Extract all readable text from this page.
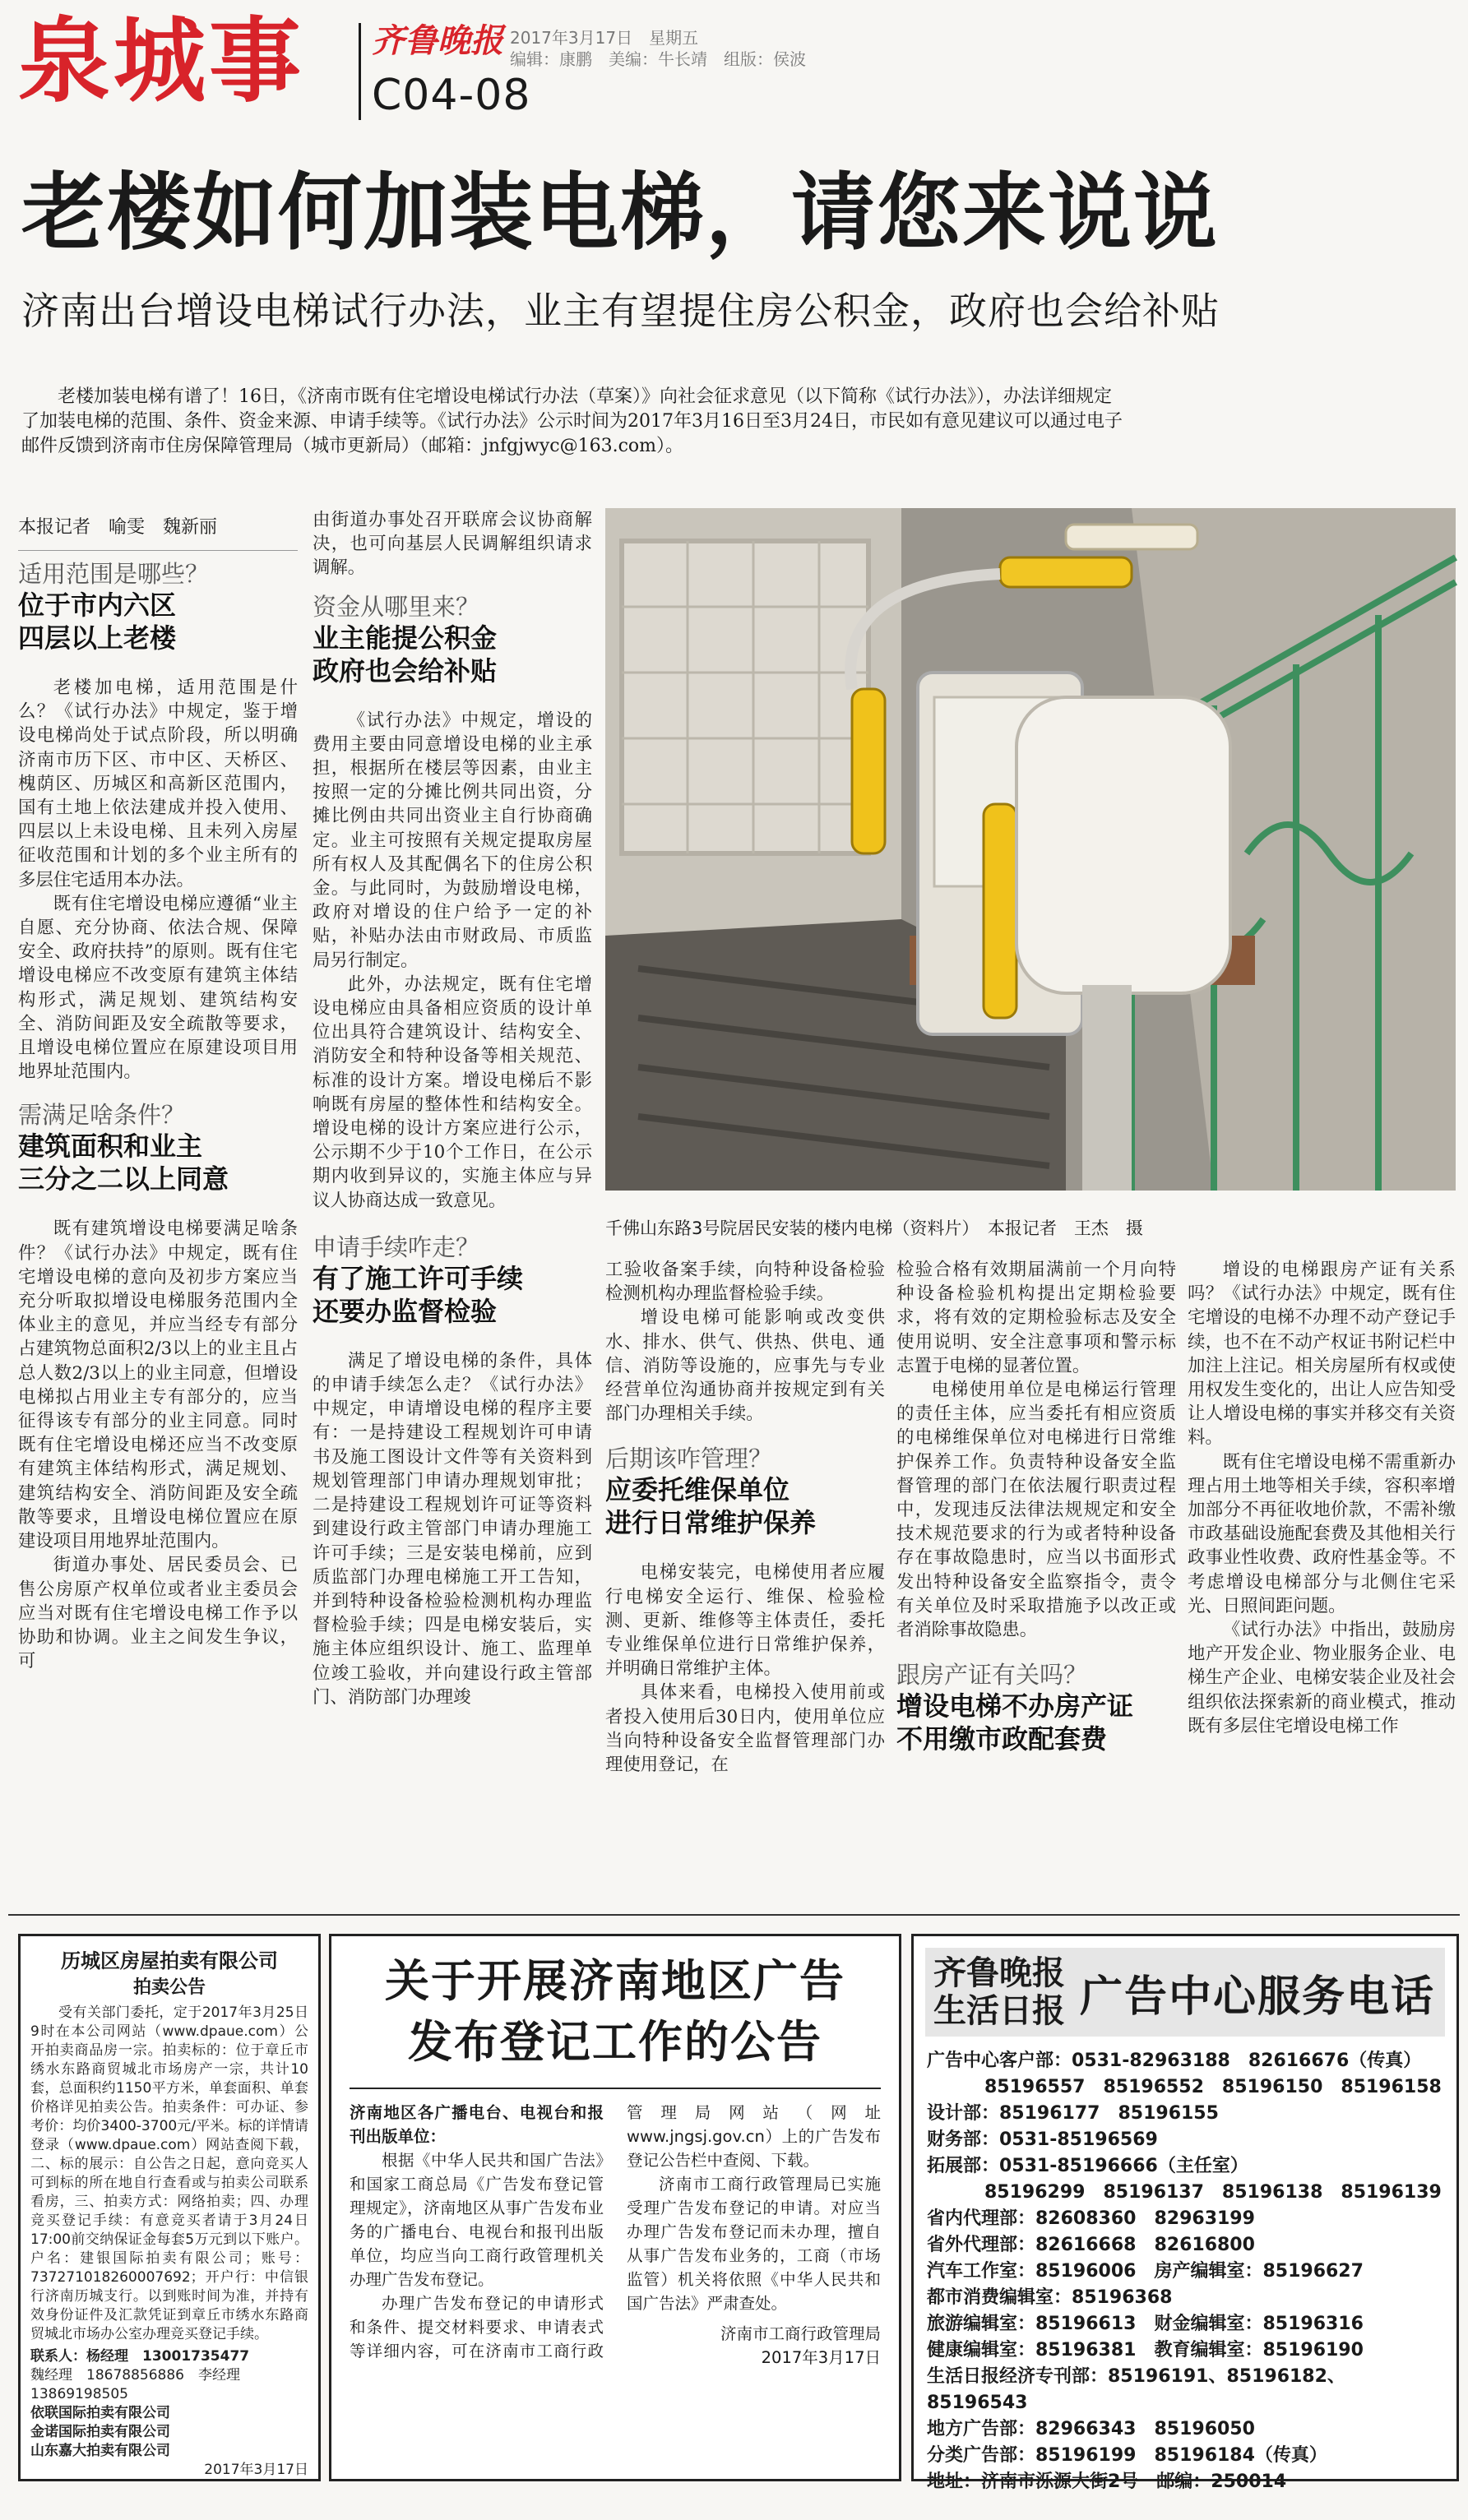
泉城事 齐鲁晚报
C04-08
2017年3月17日　星期五
编辑：康鹏　美编：牛长靖　组版：侯波
老楼如何加装电梯，请您来说说
济南出台增设电梯试行办法，业主有望提住房公积金，政府也会给补贴
老楼加装电梯有谱了！16日，《济南市既有住宅增设电梯试行办法（草案）》向社会征求意见（以下简称《试行办法》），办法详细规定了加装电梯的范围、条件、资金来源、申请手续等。《试行办法》公示时间为2017年3月16日至3月24日，市民如有意见建议可以通过电子邮件反馈到济南市住房保障管理局（城市更新局）（邮箱：jnfgjwyc@163.com）。
本报记者　喻雯　魏新丽
适用范围是哪些？
位于市内六区
四层以上老楼

老楼加电梯，适用范围是什么？《试行办法》中规定，鉴于增设电梯尚处于试点阶段，所以明确济南市历下区、市中区、天桥区、槐荫区、历城区和高新区范围内，国有土地上依法建成并投入使用、四层以上未设电梯、且未列入房屋征收范围和计划的多个业主所有的多层住宅适用本办法。

既有住宅增设电梯应遵循“业主自愿、充分协商、依法合规、保障安全、政府扶持”的原则。既有住宅增设电梯应不改变原有建筑主体结构形式，满足规划、建筑结构安全、消防间距及安全疏散等要求，且增设电梯位置应在原建设项目用地界址范围内。

需满足啥条件？
建筑面积和业主
三分之二以上同意

既有建筑增设电梯要满足啥条件？《试行办法》中规定，既有住宅增设电梯的意向及初步方案应当充分听取拟增设电梯服务范围内全体业主的意见，并应当经专有部分占建筑物总面积2/3以上的业主且占总人数2/3以上的业主同意，但增设电梯拟占用业主专有部分的，应当征得该专有部分的业主同意。同时既有住宅增设电梯还应当不改变原有建筑主体结构形式，满足规划、建筑结构安全、消防间距及安全疏散等要求，且增设电梯位置应在原建设项目用地界址范围内。

街道办事处、居民委员会、已售公房原产权单位或者业主委员会应当对既有住宅增设电梯工作予以协助和协调。业主之间发生争议，可

由街道办事处召开联席会议协商解决，也可向基层人民调解组织请求调解。

资金从哪里来？
业主能提公积金
政府也会给补贴

《试行办法》中规定，增设的费用主要由同意增设电梯的业主承担，根据所在楼层等因素，由业主按照一定的分摊比例共同出资，分摊比例由共同出资业主自行协商确定。业主可按照有关规定提取房屋所有权人及其配偶名下的住房公积金。与此同时，为鼓励增设电梯，政府对增设的住户给予一定的补贴，补贴办法由市财政局、市质监局另行制定。

此外，办法规定，既有住宅增设电梯应由具备相应资质的设计单位出具符合建筑设计、结构安全、消防安全和特种设备等相关规范、标准的设计方案。增设电梯后不影响既有房屋的整体性和结构安全。增设电梯的设计方案应进行公示，公示期不少于10个工作日，在公示期内收到异议的，实施主体应与异议人协商达成一致意见。

申请手续咋走？
有了施工许可手续
还要办监督检验

满足了增设电梯的条件，具体的申请手续怎么走？《试行办法》中规定，申请增设电梯的程序主要有：一是持建设工程规划许可申请书及施工图设计文件等有关资料到规划管理部门申请办理规划审批；二是持建设工程规划许可证等资料到建设行政主管部门申请办理施工许可手续；三是安装电梯前，应到质监部门办理电梯施工开工告知，并到特种设备检验检测机构办理监督检验手续；四是电梯安装后，实施主体应组织设计、施工、监理单位竣工验收，并向建设行政主管部门、消防部门办理竣

千佛山东路3号院居民安装的楼内电梯（资料片）　本报记者　王杰　摄

工验收备案手续，向特种设备检验检测机构办理监督检验手续。

增设电梯可能影响或改变供水、排水、供气、供热、供电、通信、消防等设施的，应事先与专业经营单位沟通协商并按规定到有关部门办理相关手续。

后期该咋管理？
应委托维保单位
进行日常维护保养

电梯安装完，电梯使用者应履行电梯安全运行、维保、检验检测、更新、维修等主体责任，委托专业维保单位进行日常维护保养，并明确日常维护主体。

具体来看，电梯投入使用前或者投入使用后30日内，使用单位应当向特种设备安全监督管理部门办理使用登记，在

检验合格有效期届满前一个月向特种设备检验机构提出定期检验要求，将有效的定期检验标志及安全使用说明、安全注意事项和警示标志置于电梯的显著位置。

电梯使用单位是电梯运行管理的责任主体，应当委托有相应资质的电梯维保单位对电梯进行日常维护保养工作。负责特种设备安全监督管理的部门在依法履行职责过程中，发现违反法律法规规定和安全技术规范要求的行为或者特种设备存在事故隐患时，应当以书面形式发出特种设备安全监察指令，责令有关单位及时采取措施予以改正或者消除事故隐患。

跟房产证有关吗？
增设电梯不办房产证
不用缴市政配套费

增设的电梯跟房产证有关系吗？《试行办法》中规定，既有住宅增设的电梯不办理不动产登记手续，也不在不动产权证书附记栏中加注上注记。相关房屋所有权或使用权发生变化的，出让人应告知受让人增设电梯的事实并移交有关资料。

既有住宅增设电梯不需重新办理占用土地等相关手续，容积率增加部分不再征收地价款，不需补缴市政基础设施配套费及其他相关行政事业性收费、政府性基金等。不考虑增设电梯部分与北侧住宅采光、日照间距问题。

《试行办法》中指出，鼓励房地产开发企业、物业服务企业、电梯生产企业、电梯安装企业及社会组织依法探索新的商业模式，推动既有多层住宅增设电梯工作

历城区房屋拍卖有限公司
拍卖公告
受有关部门委托，定于2017年3月25日9时在本公司网站（www.dpaue.com）公开拍卖商品房一宗。拍卖标的：位于章丘市绣水东路商贸城北市场房产一宗，共计10套，总面积约1150平方米，单套面积、单套价格详见拍卖公告。拍卖条件：可办证、参考价：均价3400-3700元/平米。标的详情请登录（www.dpaue.com）网站查阅下载，二、标的展示：自公告之日起，意向竞买人可到标的所在地自行查看或与拍卖公司联系看房，三、拍卖方式：网络拍卖；四、办理竞买登记手续：有意竞买者请于3月24日17:00前交纳保证金每套5万元到以下账户。户名：建银国际拍卖有限公司；账号：737271018260007692；开户行：中信银行济南历城支行。以到账时间为准，并持有效身份证件及汇款凭证到章丘市绣水东路商贸城北市场办公室办理竞买登记手续。
联系人：杨经理　13001735477
魏经理　18678856886　李经理　13869198505
依联国际拍卖有限公司
金诺国际拍卖有限公司
山东嘉大拍卖有限公司
2017年3月17日
关于开展济南地区广告
发布登记工作的公告

济南地区各广播电台、电视台和报刊出版单位：

根据《中华人民共和国广告法》和国家工商总局《广告发布登记管理规定》，济南地区从事广告发布业务的广播电台、电视台和报刊出版单位，均应当向工商行政管理机关办理广告发布登记。

办理广告发布登记的申请形式和条件、提交材料要求、申请表式等详细内容，可在济南市工商行政管理局网站（网址www.jngsj.gov.cn）上的广告发布登记公告栏中查阅、下载。

济南市工商行政管理局已实施受理广告发布登记的申请。对应当办理广告发布登记而未办理，擅自从事广告发布业务的，工商（市场监管）机关将依照《中华人民共和国广告法》严肃查处。

济南市工商行政管理局

2017年3月17日

齐鲁晚报
生活日报 广告中心服务电话
广告中心客户部：0531-82963188　82616676（传真）
85196557　85196552　85196150　85196158
设计部：85196177　85196155
财务部：0531-85196569
拓展部：0531-85196666（主任室）
85196299　85196137　85196138　85196139
省内代理部：82608360　82963199
省外代理部：82616668　82616800
汽车工作室：85196006　房产编辑室：85196627
都市消费编辑室：85196368
旅游编辑室：85196613　财金编辑室：85196316
健康编辑室：85196381　教育编辑室：85196190
生活日报经济专刊部：85196191、85196182、85196543
地方广告部：82966343　85196050
分类广告部：85196199　85196184（传真）
地址：济南市泺源大街2号　邮编：250014
